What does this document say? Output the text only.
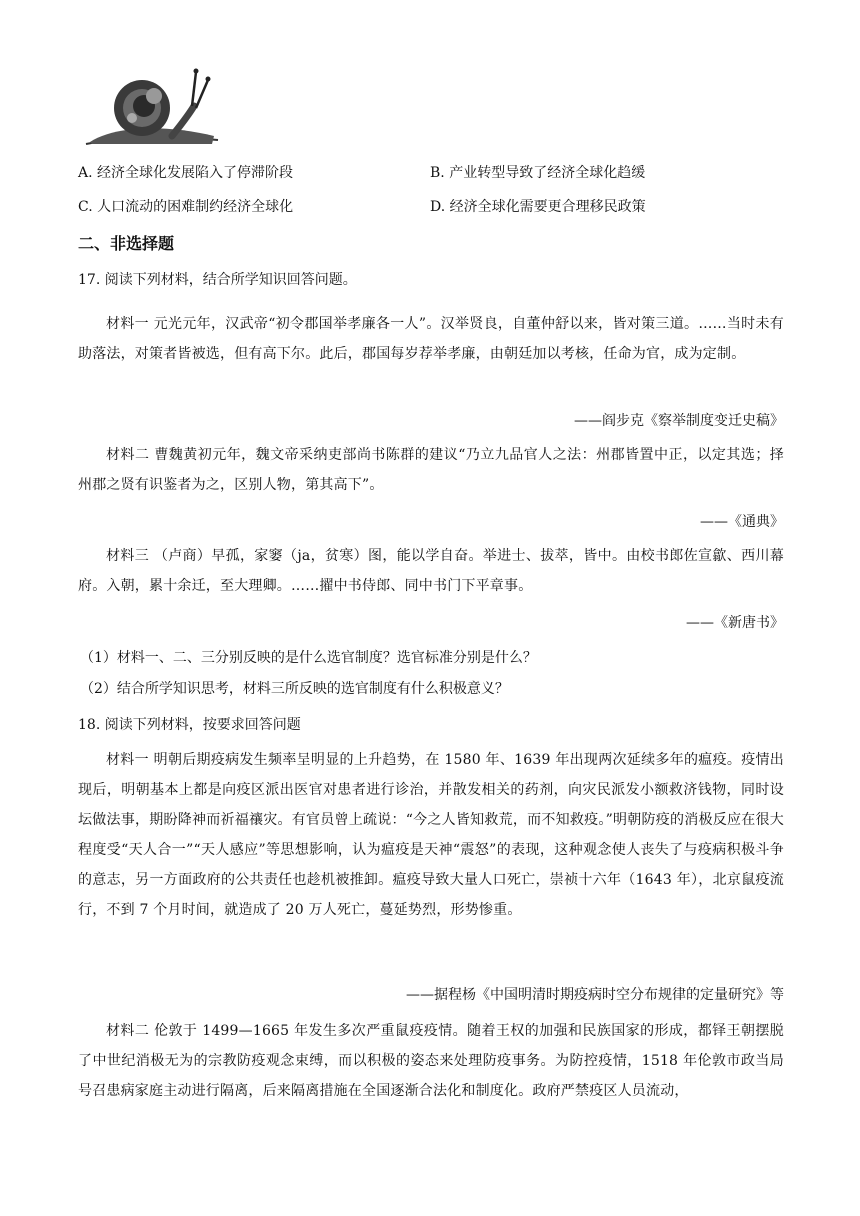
A. 经济全球化发展陷入了停滞阶段	B. 产业转型导致了经济全球化趋缓
C. 人口流动的困难制约经济全球化	D. 经济全球化需要更合理移民政策
二、非选择题
17. 阅读下列材料，结合所学知识回答问题。

材料一 元光元年，汉武帝“初令郡国举孝廉各一人”。汉举贤良，自董仲舒以来，皆对策三道。……当时未有助落法，对策者皆被选，但有高下尔。此后，郡国每岁荐举孝廉，由朝廷加以考核，任命为官，成为定制。

——阎步克《察举制度变迁史稿》

材料二 曹魏黄初元年，魏文帝采纳吏部尚书陈群的建议“乃立九品官人之法：州郡皆置中正，以定其选；择州郡之贤有识鉴者为之，区别人物，第其高下”。

——《通典》

材料三 （卢商）早孤，家窭（ja，贫寒）图，能以学自奋。举进士、拔萃，皆中。由校书郎佐宣歙、西川幕府。入朝，累十余迁，至大理卿。……擢中书侍郎、同中书门下平章事。

——《新唐书》
（1）材料一、二、三分别反映的是什么选官制度？选官标准分别是什么？
（2）结合所学知识思考，材料三所反映的选官制度有什么积极意义？
18. 阅读下列材料，按要求回答问题

材料一 明朝后期疫病发生频率呈明显的上升趋势，在 1580 年、1639 年出现两次延续多年的瘟疫。疫情出现后，明朝基本上都是向疫区派出医官对患者进行诊治，并散发相关的药剂，向灾民派发小额救济钱物，同时设坛做法事，期盼降神而祈福禳灾。有官员曾上疏说：“今之人皆知救荒，而不知救疫。”明朝防疫的消极反应在很大程度受“天人合一”“天人感应”等思想影响，认为瘟疫是天神“震怒”的表现，这种观念使人丧失了与疫病积极斗争的意志，另一方面政府的公共责任也趁机被推卸。瘟疫导致大量人口死亡，崇祯十六年（1643 年），北京鼠疫流行，不到 7 个月时间，就造成了 20 万人死亡，蔓延势烈，形势惨重。

——据程杨《中国明清时期疫病时空分布规律的定量研究》等

材料二 伦敦于 1499—1665 年发生多次严重鼠疫疫情。随着王权的加强和民族国家的形成，都铎王朝摆脱了中世纪消极无为的宗教防疫观念束缚，而以积极的姿态来处理防疫事务。为防控疫情，1518 年伦敦市政当局号召患病家庭主动进行隔离，后来隔离措施在全国逐渐合法化和制度化。政府严禁疫区人员流动，
